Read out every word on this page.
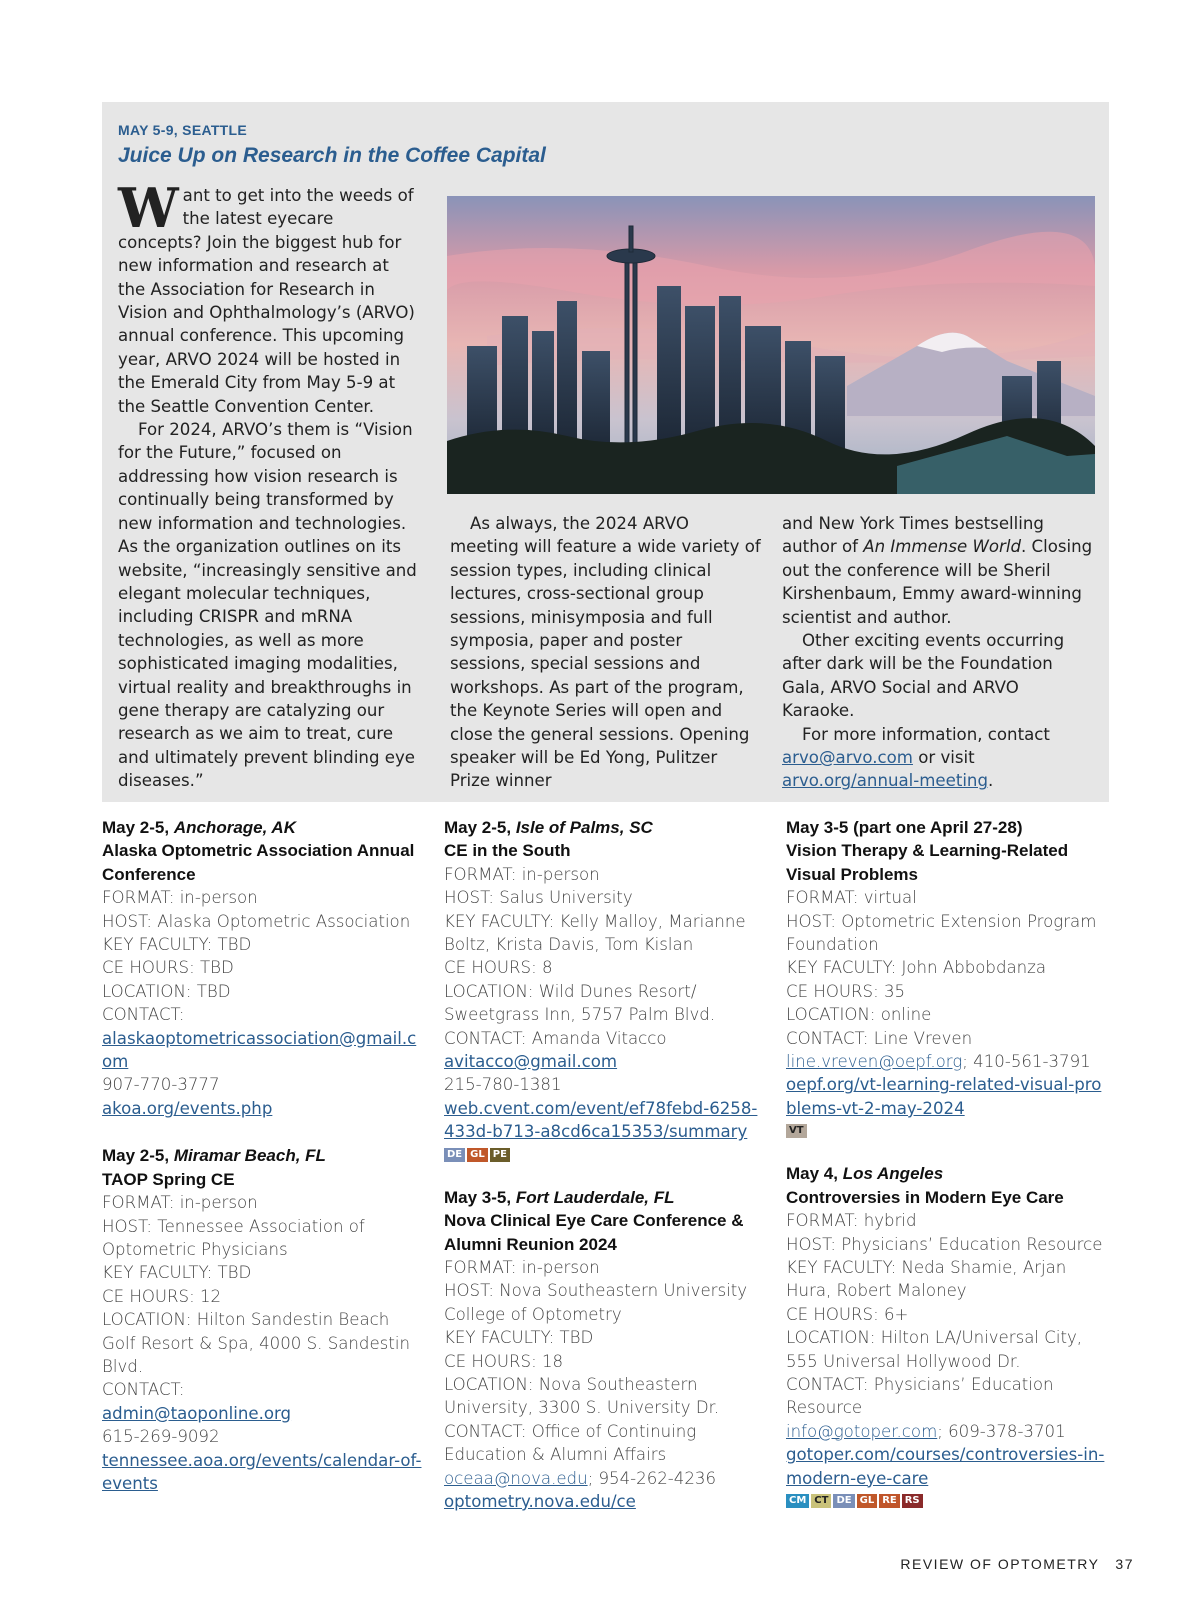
MAY 5-9, SEATTLE
Juice Up on Research in the Coffee Capital

Want to get into the weeds of the latest eyecare concepts? Join the biggest hub for new information and research at the Association for Research in Vision and Ophthalmology’s (ARVO) annual conference. This upcoming year, ARVO 2024 will be hosted in the Emerald City from May 5-9 at the Seattle Convention Center.

For 2024, ARVO’s them is “Vision for the Future,” focused on addressing how vision research is continually being transformed by new information and technologies. As the organization outlines on its website, “increasingly sensitive and elegant molecular techniques, including CRISPR and mRNA technologies, as well as more sophisticated imaging modalities, virtual reality and breakthroughs in gene therapy are catalyzing our research as we aim to treat, cure and ultimately prevent blinding eye diseases.”

As always, the 2024 ARVO meeting will feature a wide variety of session types, including clinical lectures, cross-sectional group sessions, minisymposia and full symposia, paper and poster sessions, special sessions and workshops. As part of the program, the Keynote Series will open and close the general sessions. Opening speaker will be Ed Yong, Pulitzer Prize winner

and New York Times bestselling author of An Immense World. Closing out the conference will be Sheril Kirshenbaum, Emmy award-winning scientist and author.

Other exciting events occurring after dark will be the Foundation Gala, ARVO Social and ARVO Karaoke.

For more information, contact arvo@arvo.com or visit arvo.org/annual-meeting.

May 2-5, Anchorage, AK
Alaska Optometric Association Annual Conference
FORMAT: in-person
HOST: Alaska Optometric Association
KEY FACULTY: TBD
CE HOURS: TBD
LOCATION: TBD
CONTACT:
alaskaoptometricassociation@gmail.com
907-770-3777
akoa.org/events.php
May 2-5, Miramar Beach, FL
TAOP Spring CE
FORMAT: in-person
HOST: Tennessee Association of Optometric Physicians
KEY FACULTY: TBD
CE HOURS: 12
LOCATION: Hilton Sandestin Beach Golf Resort & Spa, 4000 S. Sandestin Blvd.
CONTACT:
admin@taoponline.org
615-269-9092
tennessee.aoa.org/events/calendar-of-events
May 2-5, Isle of Palms, SC
CE in the South
FORMAT: in-person
HOST: Salus University
KEY FACULTY: Kelly Malloy, Marianne Boltz, Krista Davis, Tom Kislan
CE HOURS: 8
LOCATION: Wild Dunes Resort/ Sweetgrass Inn, 5757 Palm Blvd.
CONTACT: Amanda Vitacco
avitacco@gmail.com
215-780-1381
web.cvent.com/event/ef78febd-6258-433d-b713-a8cd6ca15353/summary
DE GL PE
May 3-5, Fort Lauderdale, FL
Nova Clinical Eye Care Conference & Alumni Reunion 2024
FORMAT: in-person
HOST: Nova Southeastern University College of Optometry
KEY FACULTY: TBD
CE HOURS: 18
LOCATION: Nova Southeastern University, 3300 S. University Dr.
CONTACT: Office of Continuing Education & Alumni Affairs
oceaa@nova.edu; 954-262-4236
optometry.nova.edu/ce
May 3-5 (part one April 27-28)
Vision Therapy & Learning-Related Visual Problems
FORMAT: virtual
HOST: Optometric Extension Program Foundation
KEY FACULTY: John Abbobdanza
CE HOURS: 35
LOCATION: online
CONTACT: Line Vreven
line.vreven@oepf.org; 410-561-3791
oepf.org/vt-learning-related-visual-problems-vt-2-may-2024
VT
May 4, Los Angeles
Controversies in Modern Eye Care
FORMAT: hybrid
HOST: Physicians’ Education Resource
KEY FACULTY: Neda Shamie, Arjan Hura, Robert Maloney
CE HOURS: 6+
LOCATION: Hilton LA/Universal City, 555 Universal Hollywood Dr.
CONTACT: Physicians’ Education Resource
info@gotoper.com; 609-378-3701
gotoper.com/courses/controversies-in-modern-eye-care
CM CT DE GL RE RS
REVIEW OF OPTOMETRY 37
